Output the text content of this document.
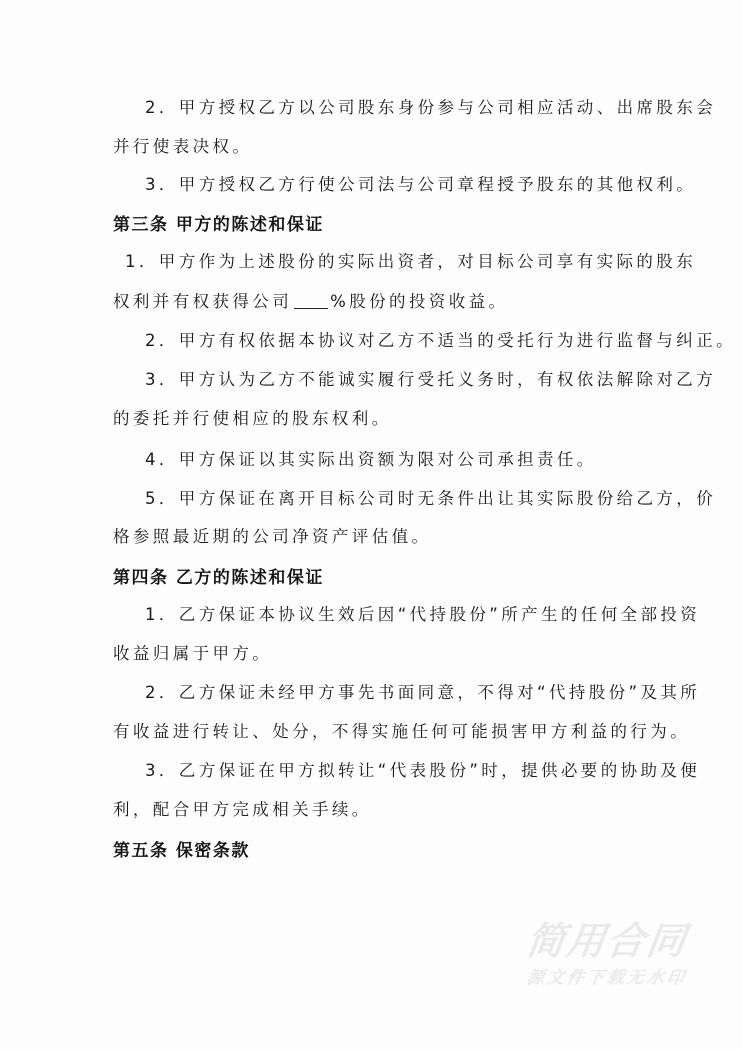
2．甲方授权乙方以公司股东身份参与公司相应活动、出席股东会
并行使表决权。
3．甲方授权乙方行使公司法与公司章程授予股东的其他权利。
第三条 甲方的陈述和保证
1．甲方作为上述股份的实际出资者，对目标公司享有实际的股东
权利并有权获得公司 %股份的投资收益。
2．甲方有权依据本协议对乙方不适当的受托行为进行监督与纠正。
3．甲方认为乙方不能诚实履行受托义务时，有权依法解除对乙方
的委托并行使相应的股东权利。
4．甲方保证以其实际出资额为限对公司承担责任。
5．甲方保证在离开目标公司时无条件出让其实际股份给乙方，价
格参照最近期的公司净资产评估值。
第四条 乙方的陈述和保证
1．乙方保证本协议生效后因“代持股份”所产生的任何全部投资
收益归属于甲方。
2．乙方保证未经甲方事先书面同意，不得对“代持股份”及其所
有收益进行转让、处分，不得实施任何可能损害甲方利益的行为。
3．乙方保证在甲方拟转让“代表股份”时，提供必要的协助及便
利，配合甲方完成相关手续。
第五条 保密条款
简用合同
源文件下载无水印
